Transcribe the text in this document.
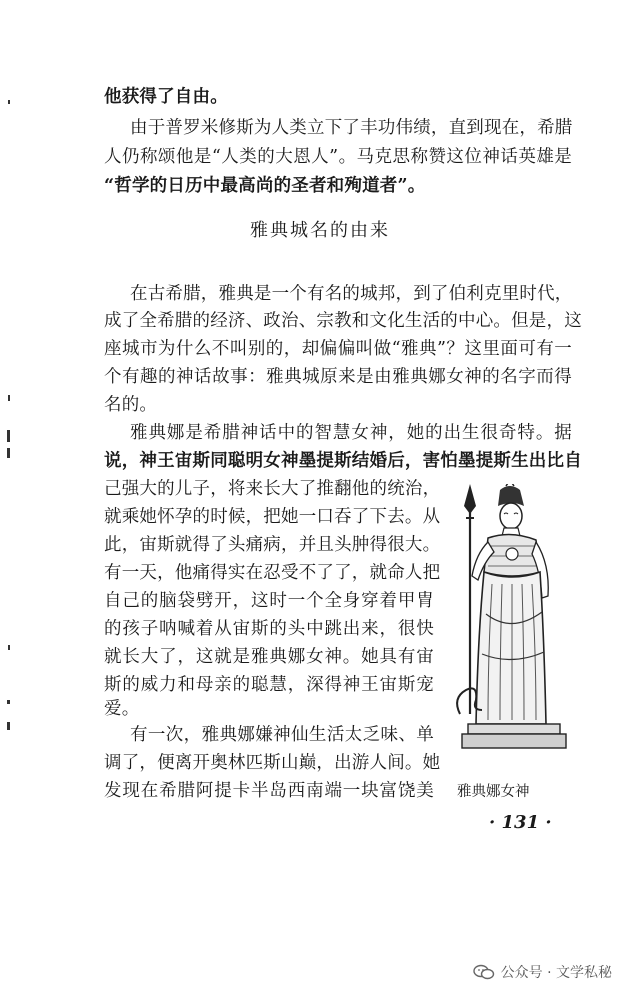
他获得了自由。
由于普罗米修斯为人类立下了丰功伟绩，直到现在，希腊
人仍称颂他是“人类的大恩人”。马克思称赞这位神话英雄是
“哲学的日历中最高尚的圣者和殉道者”。
雅典城名的由来
在古希腊，雅典是一个有名的城邦，到了伯利克里时代，
成了全希腊的经济、政治、宗教和文化生活的中心。但是，这
座城市为什么不叫别的，却偏偏叫做“雅典”？这里面可有一
个有趣的神话故事：雅典城原来是由雅典娜女神的名字而得
名的。
雅典娜是希腊神话中的智慧女神，她的出生很奇特。据
说，神王宙斯同聪明女神墨提斯结婚后，害怕墨提斯生出比自
己强大的儿子，将来长大了推翻他的统治，
就乘她怀孕的时候，把她一口吞了下去。从
此，宙斯就得了头痛病，并且头肿得很大。
有一天，他痛得实在忍受不了了，就命人把
自己的脑袋劈开，这时一个全身穿着甲胄
的孩子呐喊着从宙斯的头中跳出来，很快
就长大了，这就是雅典娜女神。她具有宙
斯的威力和母亲的聪慧，深得神王宙斯宠
爱。
有一次，雅典娜嫌神仙生活太乏味、单
调了，便离开奥林匹斯山巅，出游人间。她
发现在希腊阿提卡半岛西南端一块富饶美 雅典娜女神
· 131 ·
公众号 · 文学私秘
